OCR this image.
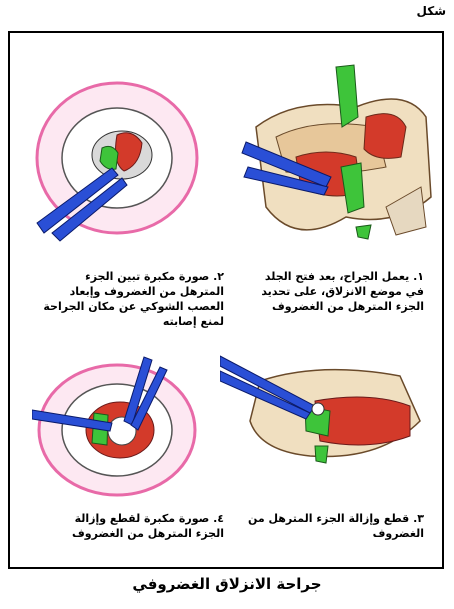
شكل
١. يعمل الجراح، بعد فتح الجلد في موضع الانزلاق، على تحديد الجزء المترهل من الغضروف
٢. صورة مكبرة تبين الجزء المترهل من الغضروف وإبعاد العصب الشوكي عن مكان الجراحة لمنع إصابته
٣. قطع وإزالة الجزء المترهل من الغضروف
٤. صورة مكبرة لقطع وإزالة الجزء المترهل من الغضروف
جراحة الانزلاق الغضروفي
